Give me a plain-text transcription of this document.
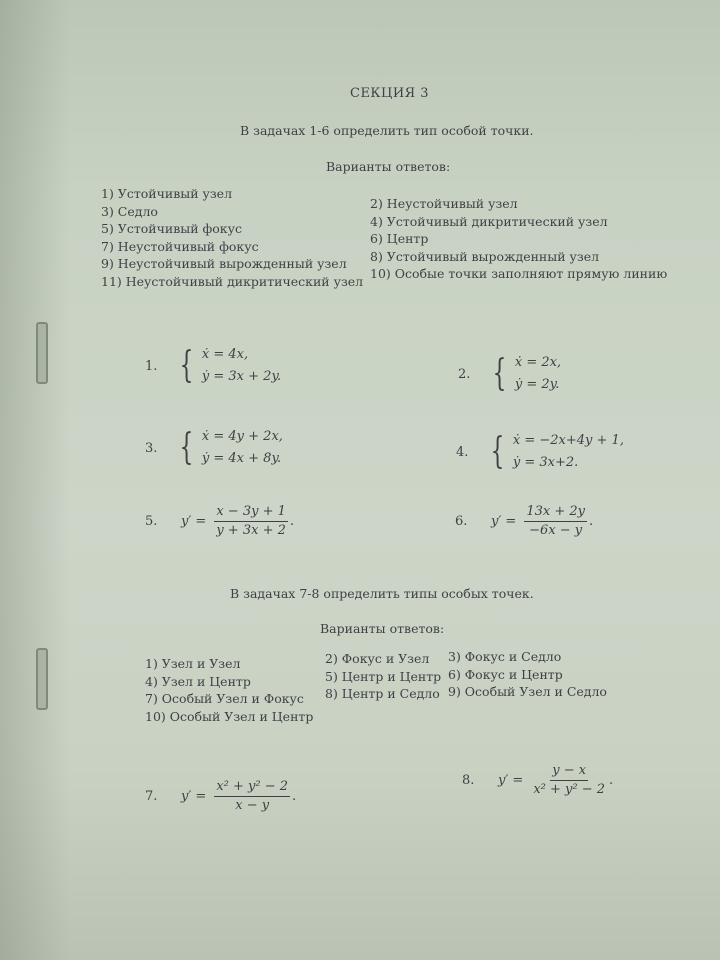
СЕКЦИЯ 3
В задачах 1-6 определить тип особой точки.
Варианты ответов:
1) Устойчивый узел
3) Седло
5) Устойчивый фокус
7) Неустойчивый фокус
9) Неустойчивый вырожденный узел
11) Неустойчивый дикритический узел
2) Неустойчивый узел
4) Устойчивый дикритический узел
6) Центр
8) Устойчивый вырожденный узел
10) Особые точки заполняют прямую линию
1. { ẋ = 4x,
ẏ = 3x + 2y.	2. { ẋ = 2x,
ẏ = 2y.
3. { ẋ = 4y + 2x,
ẏ = 4x + 8y.	4. { ẋ = −2x+4y + 1,
ẏ = 3x+2.
5.	$y' = \frac{x - 3y + 1}{y + 3x + 2}$ .	6.	$y' = \frac{13x + 2y}{-6x - y}$ .
В задачах 7-8 определить типы особых точек.
Варианты ответов:
1) Узел и Узел
4) Узел и Центр
7) Особый Узел и Фокус
10) Особый Узел и Центр
2) Фокус и Узел
5) Центр и Центр
8) Центр и Седло
3) Фокус и Седло
6) Фокус и Центр
9) Особый Узел и Седло
7.	$y' = \frac{\text{x² + y² − 2}}{x - y}$ .
8.	$y' = \frac{y - x}{\text{x² + y² − 2}}$ .
